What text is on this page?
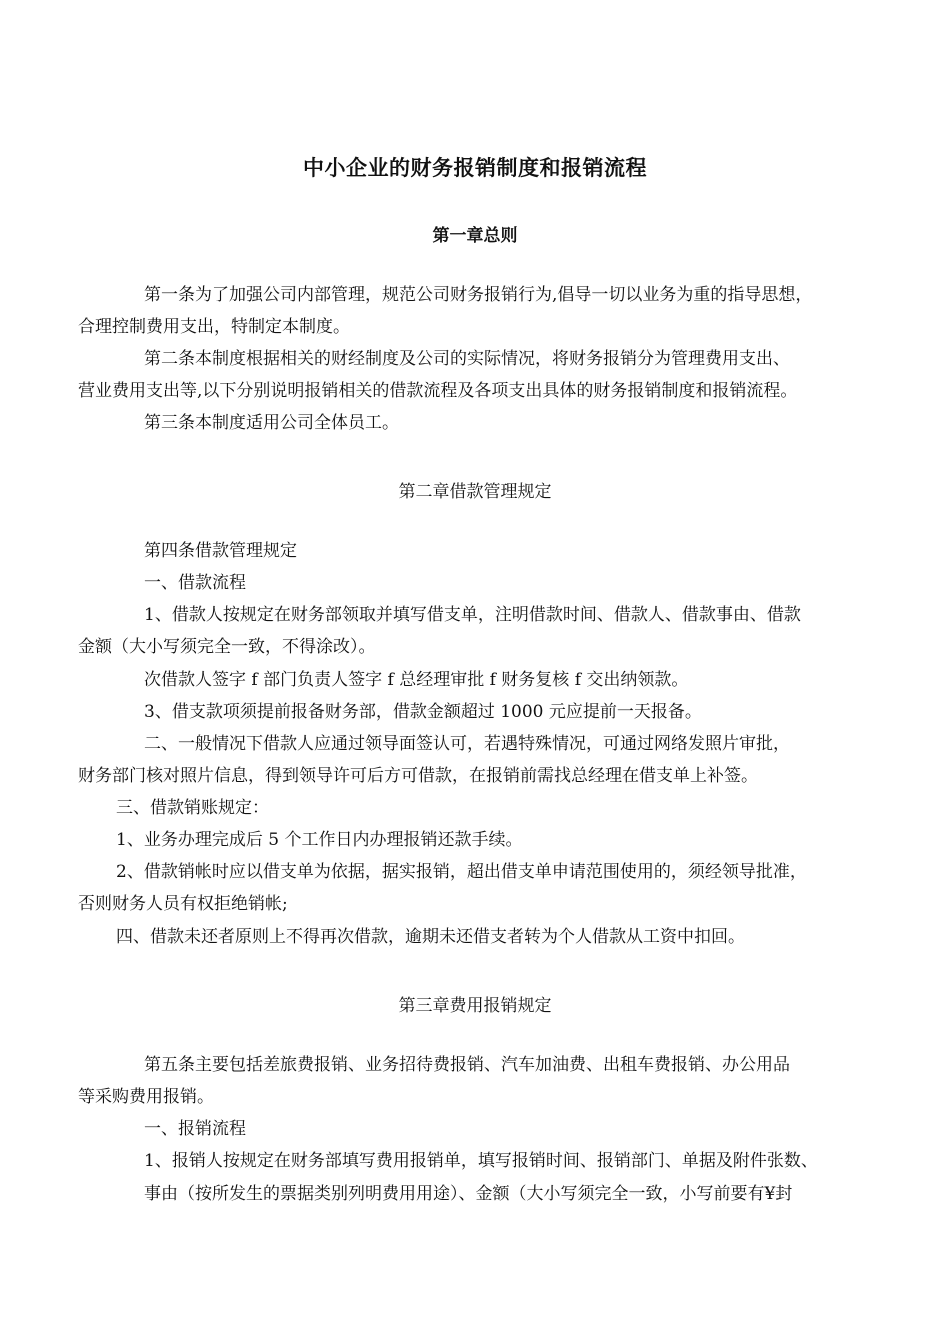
中小企业的财务报销制度和报销流程
第一章总则
第一条为了加强公司内部管理，规范公司财务报销行为,倡导一切以业务为重的指导思想，
合理控制费用支出，特制定本制度。
第二条本制度根据相关的财经制度及公司的实际情况，将财务报销分为管理费用支出、
营业费用支出等,以下分别说明报销相关的借款流程及各项支出具体的财务报销制度和报销流程。
第三条本制度适用公司全体员工。
第二章借款管理规定
第四条借款管理规定
一、借款流程
1、借款人按规定在财务部领取并填写借支单，注明借款时间、借款人、借款事由、借款
金额（大小写须完全一致，不得涂改）。
次借款人签字 f 部门负责人签字 f 总经理审批 f 财务复核 f 交出纳领款。
3、借支款项须提前报备财务部，借款金额超过 1000 元应提前一天报备。
二、一般情况下借款人应通过领导面签认可，若遇特殊情况，可通过网络发照片审批，
财务部门核对照片信息，得到领导许可后方可借款，在报销前需找总经理在借支单上补签。
三、借款销账规定：
1、业务办理完成后 5 个工作日内办理报销还款手续。
2、借款销帐时应以借支单为依据，据实报销，超出借支单申请范围使用的，须经领导批准，
否则财务人员有权拒绝销帐;
四、借款未还者原则上不得再次借款，逾期未还借支者转为个人借款从工资中扣回。
第三章费用报销规定
第五条主要包括差旅费报销、业务招待费报销、汽车加油费、出租车费报销、办公用品
等采购费用报销。
一、报销流程
1、报销人按规定在财务部填写费用报销单，填写报销时间、报销部门、单据及附件张数、
事由（按所发生的票据类别列明费用用途）、金额（大小写须完全一致，小写前要有¥封
